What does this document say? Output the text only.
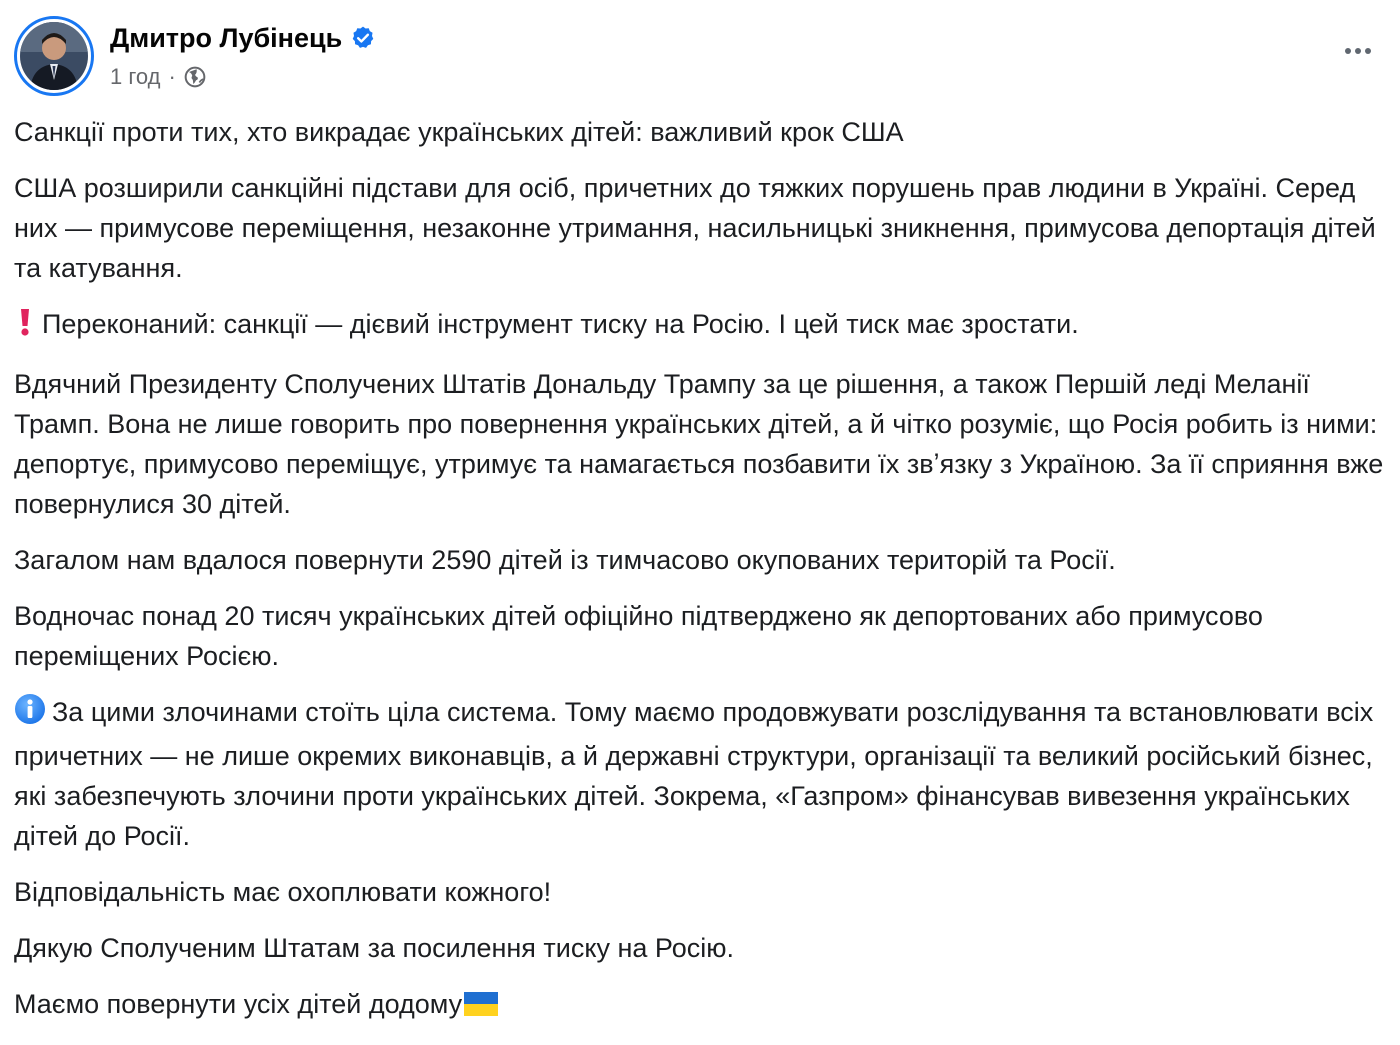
Дмитро Лубінець
1 год ·

Санкції проти тих, хто викрадає українських дітей: важливий крок США

США розширили санкційні підстави для осіб, причетних до тяжких порушень прав людини в Україні. Серед них — примусове переміщення, незаконне утримання, насильницькі зникнення, примусова депортація дітей та катування.

Переконаний: санкції — дієвий інструмент тиску на Росію. І цей тиск має зростати.

Вдячний Президенту Сполучених Штатів Дональду Трампу за це рішення, а також Першій леді Меланії Трамп. Вона не лише говорить про повернення українських дітей, а й чітко розуміє, що Росія робить із ними: депортує, примусово переміщує, утримує та намагається позбавити їх звʼязку з Україною. За її сприяння вже повернулися 30 дітей.

Загалом нам вдалося повернути 2590 дітей із тимчасово окупованих територій та Росії.

Водночас понад 20 тисяч українських дітей офіційно підтверджено як депортованих або примусово переміщених Росією.

За цими злочинами стоїть ціла система. Тому маємо продовжувати розслідування та встановлювати всіх причетних — не лише окремих виконавців, а й державні структури, організації та великий російський бізнес, які забезпечують злочини проти українських дітей. Зокрема, «Газпром» фінансував вивезення українських дітей до Росії.

Відповідальність має охоплювати кожного!

Дякую Сполученим Штатам за посилення тиску на Росію.

Маємо повернути усіх дітей додому
